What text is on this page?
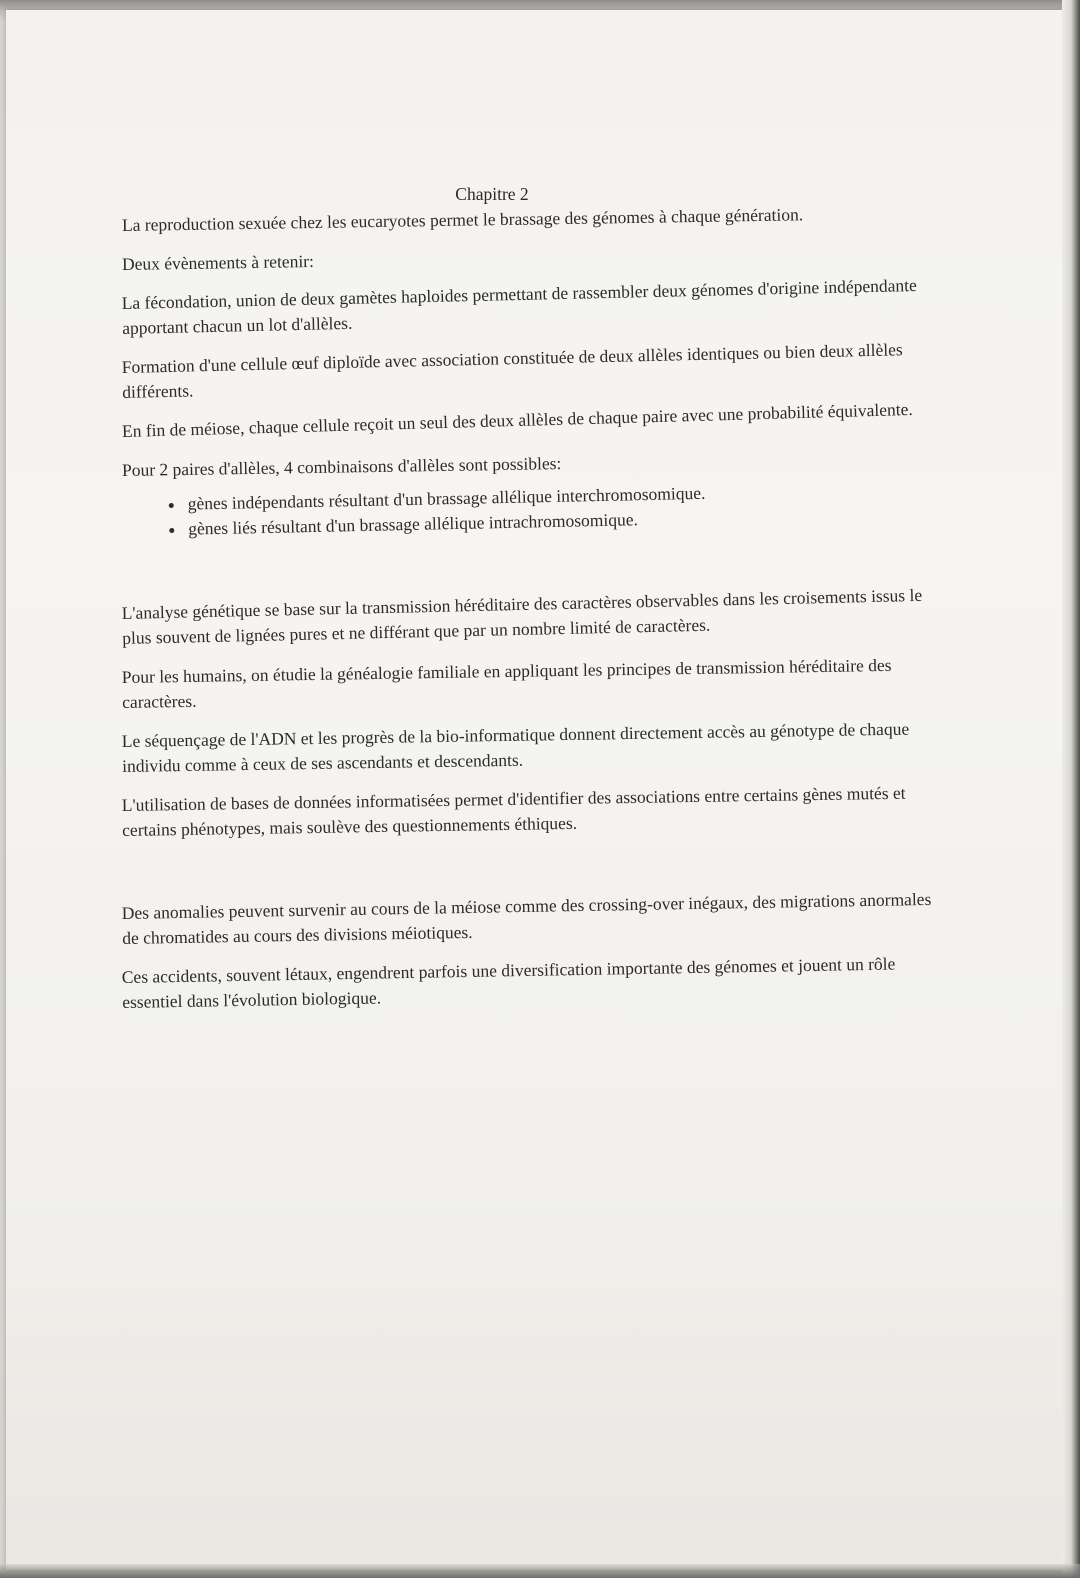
Chapitre 2

La reproduction sexuée chez les eucaryotes permet le brassage des génomes à chaque génération.

Deux évènements à retenir:

La fécondation, union de deux gamètes haploides permettant de rassembler deux génomes d'origine indépendante apportant chacun un lot d'allèles.

Formation d'une cellule œuf diploïde avec association constituée de deux allèles identiques ou bien deux allèles différents.

En fin de méiose, chaque cellule reçoit un seul des deux allèles de chaque paire avec une probabilité équivalente.

Pour 2 paires d'allèles, 4 combinaisons d'allèles sont possibles:

• gènes indépendants résultant d'un brassage allélique interchromosomique.
• gènes liés résultant d'un brassage allélique intrachromosomique.

L'analyse génétique se base sur la transmission héréditaire des caractères observables dans les croisements issus le plus souvent de lignées pures et ne différant que par un nombre limité de caractères.

Pour les humains, on étudie la généalogie familiale en appliquant les principes de transmission héréditaire des caractères.

Le séquençage de l'ADN et les progrès de la bio-informatique donnent directement accès au génotype de chaque individu comme à ceux de ses ascendants et descendants.

L'utilisation de bases de données informatisées permet d'identifier des associations entre certains gènes mutés et certains phénotypes, mais soulève des questionnements éthiques.

Des anomalies peuvent survenir au cours de la méiose comme des crossing-over inégaux, des migrations anormales de chromatides au cours des divisions méiotiques.

Ces accidents, souvent létaux, engendrent parfois une diversification importante des génomes et jouent un rôle essentiel dans l'évolution biologique.
